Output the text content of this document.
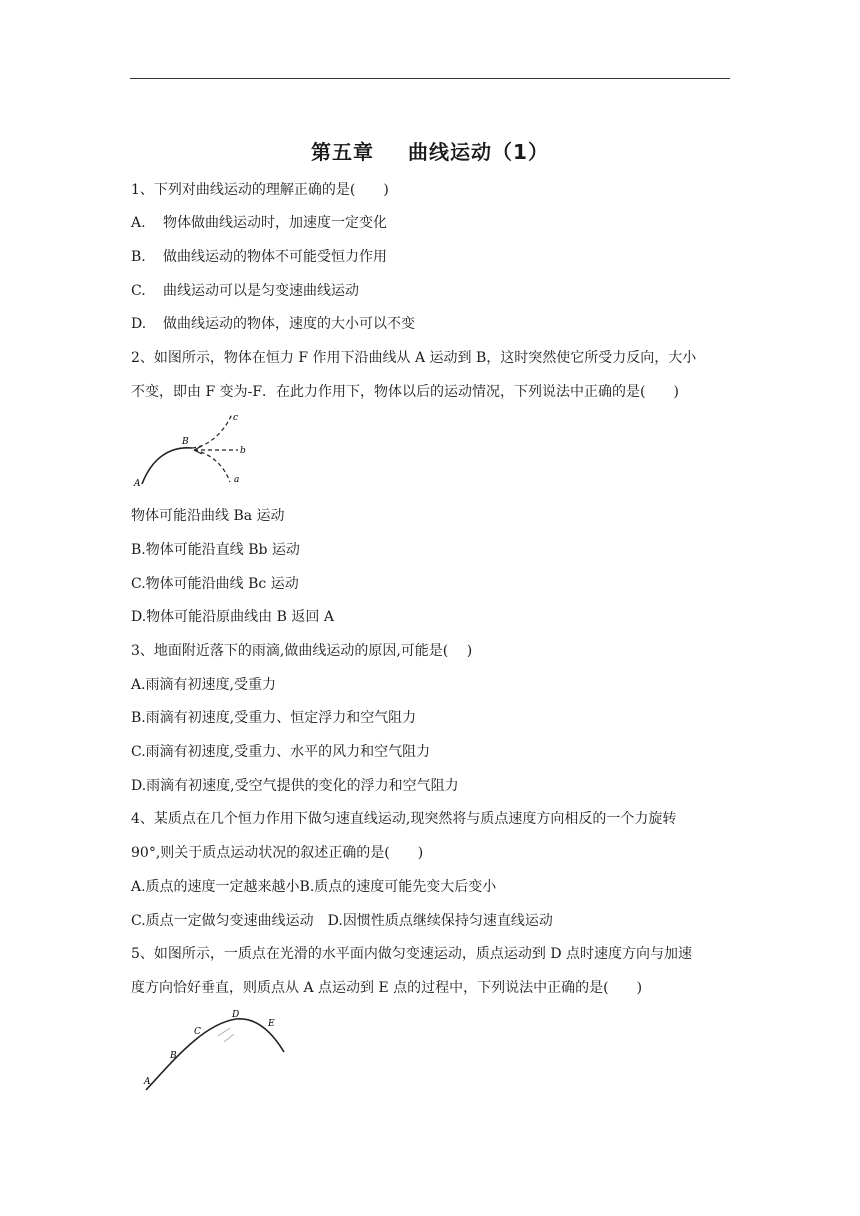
第五章 曲线运动（1）
1、下列对曲线运动的理解正确的是(　　)
A. 物体做曲线运动时，加速度一定变化
B. 做曲线运动的物体不可能受恒力作用
C. 曲线运动可以是匀变速曲线运动
D. 做曲线运动的物体，速度的大小可以不变
2、如图所示，物体在恒力 F 作用下沿曲线从 A 运动到 B，这时突然使它所受力反向，大小
不变，即由 F 变为-F．在此力作用下，物体以后的运动情况，下列说法中正确的是(　　)
A
B
a
b
c
物体可能沿曲线 Ba 运动
B.物体可能沿直线 Bb 运动
C.物体可能沿曲线 Bc 运动
D.物体可能沿原曲线由 B 返回 A
3、地面附近落下的雨滴,做曲线运动的原因,可能是(　 )
A.雨滴有初速度,受重力
B.雨滴有初速度,受重力、恒定浮力和空气阻力
C.雨滴有初速度,受重力、水平的风力和空气阻力
D.雨滴有初速度,受空气提供的变化的浮力和空气阻力
4、某质点在几个恒力作用下做匀速直线运动,现突然将与质点速度方向相反的一个力旋转
90°,则关于质点运动状况的叙述正确的是(　　)
A.质点的速度一定越来越小B.质点的速度可能先变大后变小
C.质点一定做匀变速曲线运动　D.因惯性质点继续保持匀速直线运动
5、如图所示，一质点在光滑的水平面内做匀变速运动，质点运动到 D 点时速度方向与加速
度方向恰好垂直，则质点从 A 点运动到 E 点的过程中，下列说法中正确的是(　　)
A
B
C
D
E
